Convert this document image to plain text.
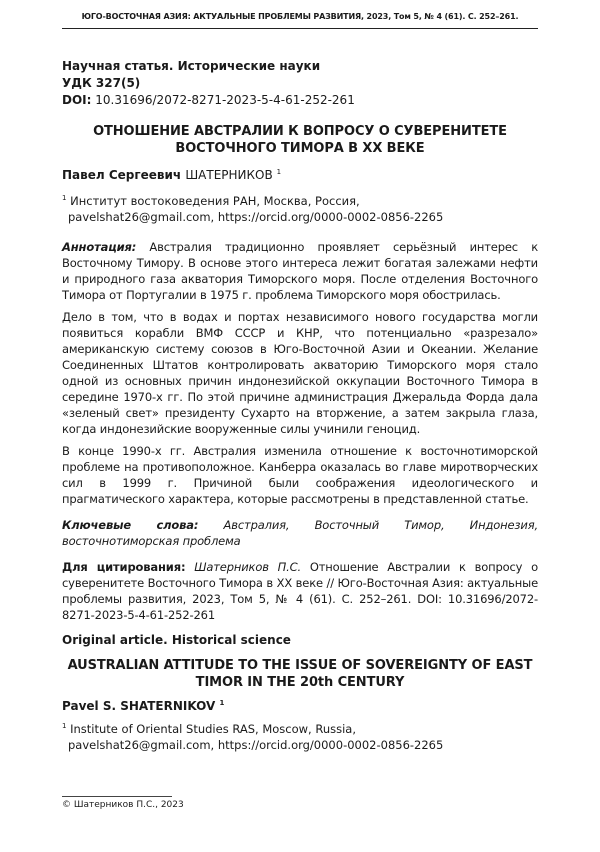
ЮГО-ВОСТОЧНАЯ АЗИЯ: АКТУАЛЬНЫЕ ПРОБЛЕМЫ РАЗВИТИЯ, 2023, Том 5, № 4 (61). С. 252–261.
Научная статья. Исторические науки
УДК 327(5)
DOI: 10.31696/2072-8271-2023-5-4-61-252-261
ОТНОШЕНИЕ АВСТРАЛИИ К ВОПРОСУ О СУВЕРЕНИТЕТЕ ВОСТОЧНОГО ТИМОРА В ХХ ВЕКЕ
Павел Сергеевич ШАТЕРНИКОВ $^1$
$^1$ Институт востоковедения РАН, Москва, Россия,
pavelshat26@gmail.com, https://orcid.org/0000-0002-0856-2265
Аннотация: Австралия традиционно проявляет серьёзный интерес к Восточному Тимору. В основе этого интереса лежит богатая залежами нефти и природного газа акватория Тиморского моря. После отделения Восточного Тимора от Португалии в 1975 г. проблема Тиморского моря обострилась.
Дело в том, что в водах и портах независимого нового государства могли появиться корабли ВМФ СССР и КНР, что потенциально «разрезало» американскую систему союзов в Юго-Восточной Азии и Океании. Желание Соединенных Штатов контролировать акваторию Тиморского моря стало одной из основных причин индонезийской оккупации Восточного Тимора в середине 1970-х гг. По этой причине администрация Джеральда Форда дала «зеленый свет» президенту Сухарто на вторжение, а затем закрыла глаза, когда индонезийские вооруженные силы учинили геноцид.
В конце 1990-х гг. Австралия изменила отношение к восточнотиморской проблеме на противоположное. Канберра оказалась во главе миротворческих сил в 1999 г. Причиной были соображения идеологического и прагматического характера, которые рассмотрены в представленной статье.
Ключевые слова: Австралия, Восточный Тимор, Индонезия, восточнотиморская проблема
Для цитирования: Шатерников П.С. Отношение Австралии к вопросу о суверенитете Восточного Тимора в ХХ веке // Юго-Восточная Азия: актуальные проблемы развития, 2023, Том 5, № 4 (61). С. 252–261. DOI: 10.31696/2072-8271-2023-5-4-61-252-261
Original article. Historical science
AUSTRALIAN ATTITUDE TO THE ISSUE OF SOVEREIGNTY OF EAST TIMOR IN THE 20th CENTURY
Pavel S. SHATERNIKOV $^1$
$^1$ Institute of Oriental Studies RAS, Moscow, Russia,
pavelshat26@gmail.com, https://orcid.org/0000-0002-0856-2265
© Шатерников П.С., 2023
